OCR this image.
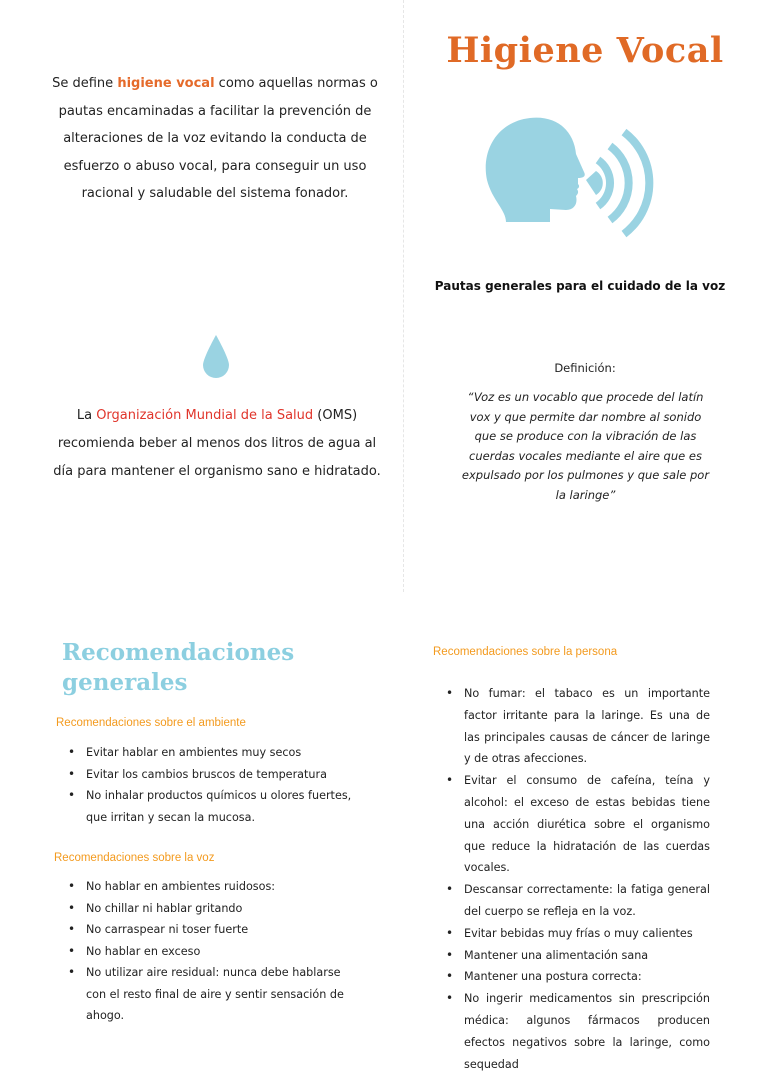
Se define higiene vocal como aquellas normas o pautas encaminadas a facilitar la prevención de alteraciones de la voz evitando la conducta de esfuerzo o abuso vocal, para conseguir un uso racional y saludable del sistema fonador.

La Organización Mundial de la Salud (OMS) recomienda beber al menos dos litros de agua al día para mantener el organismo sano e hidratado.

Higiene Vocal
Pautas generales para el cuidado de la voz
Definición:
“Voz es un vocablo que procede del latín vox y que permite dar nombre al sonido que se produce con la vibración de las cuerdas vocales mediante el aire que es expulsado por los pulmones y que sale por la laringe”
Recomendaciones generales
Recomendaciones sobre el ambiente
• Evitar hablar en ambientes muy secos
• Evitar los cambios bruscos de temperatura
• No inhalar productos químicos u olores fuertes, que irritan y secan la mucosa.
Recomendaciones sobre la voz
• No hablar en ambientes ruidosos:
• No chillar ni hablar gritando
• No carraspear ni toser fuerte
• No hablar en exceso
• No utilizar aire residual: nunca debe hablarse con el resto final de aire y sentir sensación de ahogo.
Recomendaciones sobre la persona
• No fumar: el tabaco es un importante factor irritante para la laringe. Es una de las principales causas de cáncer de laringe y de otras afecciones.
• Evitar el consumo de cafeína, teína y alcohol: el exceso de estas bebidas tiene una acción diurética sobre el organismo que reduce la hidratación de las cuerdas vocales.
• Descansar correctamente: la fatiga general del cuerpo se refleja en la voz.
• Evitar bebidas muy frías o muy calientes
• Mantener una alimentación sana
• Mantener una postura correcta:
• No ingerir medicamentos sin prescripción médica: algunos fármacos producen efectos negativos sobre la laringe, como sequedad
